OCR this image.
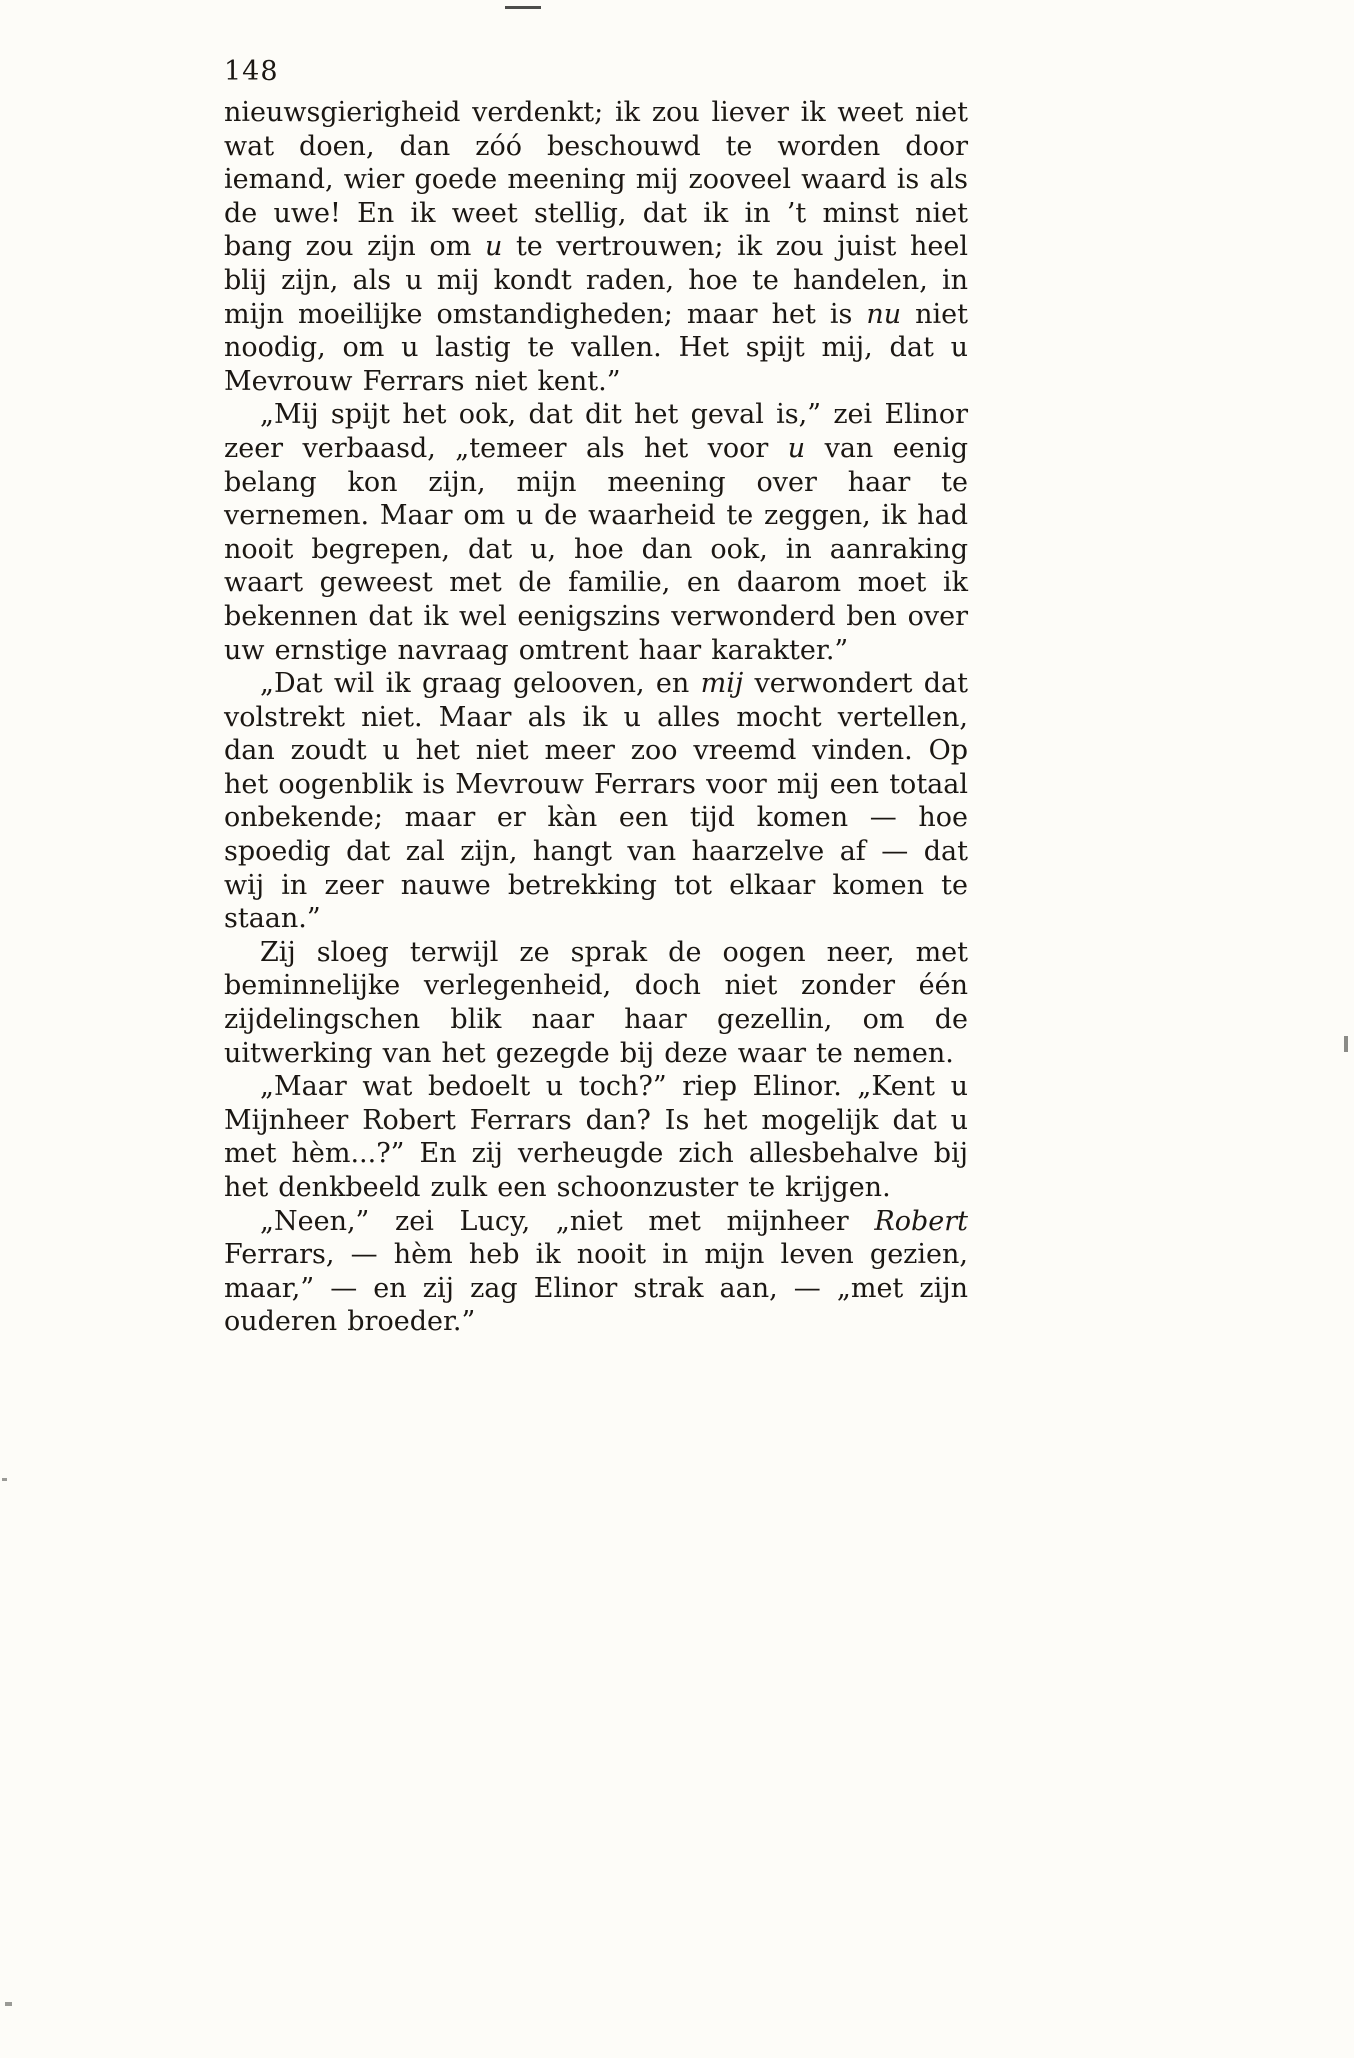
148

nieuwsgierigheid verdenkt; ik zou liever ik weet niet wat doen, dan zóó beschouwd te worden door iemand, wier goede meening mij zooveel waard is als de uwe! En ik weet stellig, dat ik in ’t minst niet bang zou zijn om u te vertrouwen; ik zou juist heel blij zijn, als u mij kondt raden, hoe te handelen, in mijn moeilijke omstandigheden; maar het is nu niet noodig, om u lastig te vallen. Het spijt mij, dat u Mevrouw Ferrars niet kent.”

„Mij spijt het ook, dat dit het geval is,” zei Elinor zeer verbaasd, „temeer als het voor u van eenig belang kon zijn, mijn meening over haar te vernemen. Maar om u de waarheid te zeggen, ik had nooit begrepen, dat u, hoe dan ook, in aanraking waart geweest met de familie, en daarom moet ik bekennen dat ik wel eenigszins verwonderd ben over uw ernstige navraag omtrent haar karakter.”

„Dat wil ik graag gelooven, en mij verwondert dat volstrekt niet. Maar als ik u alles mocht vertellen, dan zoudt u het niet meer zoo vreemd vinden. Op het oogenblik is Mevrouw Ferrars voor mij een totaal onbekende; maar er kàn een tijd komen — hoe spoedig dat zal zijn, hangt van haarzelve af — dat wij in zeer nauwe betrekking tot elkaar komen te staan.”

Zij sloeg terwijl ze sprak de oogen neer, met beminnelijke verlegenheid, doch niet zonder één zijdelingschen blik naar haar gezellin, om de uitwerking van het gezegde bij deze waar te nemen.

„Maar wat bedoelt u toch?” riep Elinor. „Kent u Mijnheer Robert Ferrars dan? Is het mogelijk dat u met hèm...?” En zij verheugde zich allesbehalve bij het denkbeeld zulk een schoonzuster te krijgen.

„Neen,” zei Lucy, „niet met mijnheer Robert Ferrars, — hèm heb ik nooit in mijn leven gezien, maar,” — en zij zag Elinor strak aan, — „met zijn ouderen broeder.”
